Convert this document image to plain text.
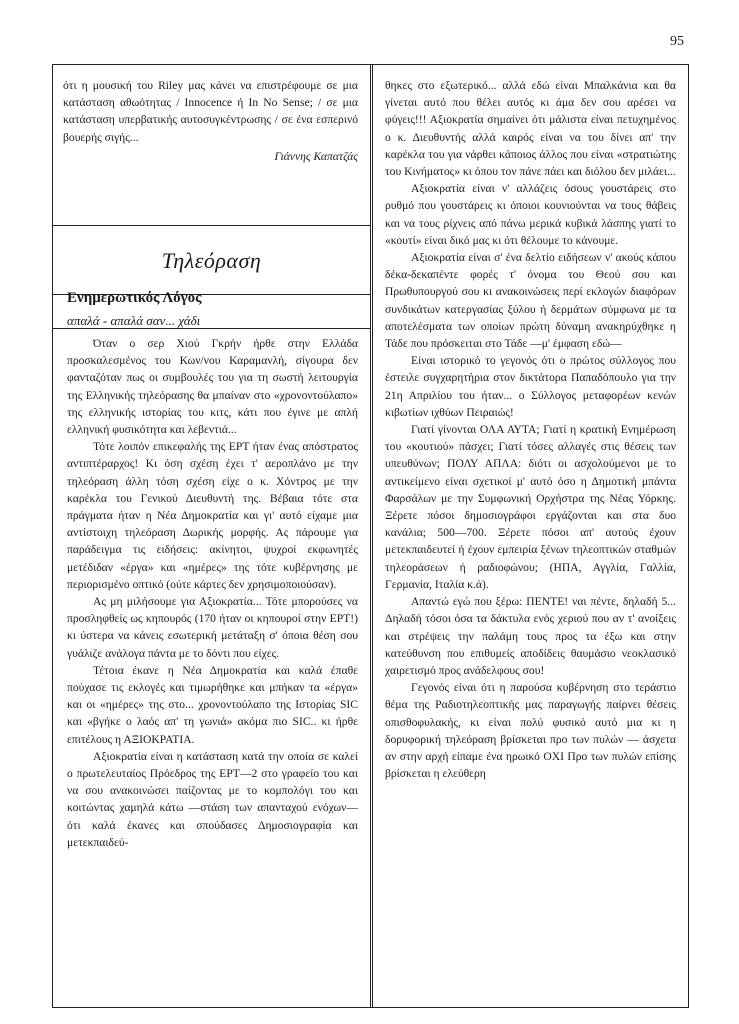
95

ότι η μουσική του Riley μας κάνει να επιστρέφουμε σε μια κατάσταση αθωότητας / Innocence ή In No Sense; / σε μια κατάσταση υπερβατικής αυτοσυγκέντρωσης / σε ένα εσπερινό βουερής σιγής...

Γιάννης Καπατζάς
Τηλεόραση
Ενημερωτικός Λόγος
απαλά - απαλά σαν... χάδι

Όταν ο σερ Χιού Γκρήν ήρθε στην Ελλάδα προσκαλεσμένος του Κων/νου Καραμανλή, σίγουρα δεν φανταζόταν πως οι συμβουλές του για τη σωστή λειτουργία της Ελληνικής τηλεόρασης θα μπαίναν στο «χρονοντούλαπο» της ελληνικής ιστορίας του κιτς, κάτι που έγινε με απλή ελληνική φυσικότητα και λεβεντιά...

Τότε λοιπόν επικεφαλής της ΕΡΤ ήταν ένας απόστρατος αντιπτέραρχος! Κι όση σχέση έχει τ' αεροπλάνο με την τηλεόραση άλλη τόση σχέση είχε ο κ. Χόντρος με την καρέκλα του Γενικού Διευθυντή της. Βέβαια τότε στα πράγματα ήταν η Νέα Δημοκρατία και γι' αυτό είχαμε μια αντίστοιχη τηλεόραση Δωρικής μορφής. Ας πάρουμε για παράδειγμα τις ειδήσεις: ακίνητοι, ψυχροί εκφωνητές μετέδιδαν «έργα» και «ημέρες» της τότε κυβέρνησης με περιορισμένο οπτικό (ούτε κάρτες δεν χρησιμοποιούσαν).

Ας μη μιλήσουμε για Αξιοκρατία... Τότε μπορούσες να προσληφθείς ως κηπουρός (170 ήταν οι κηπουροί στην ΕΡΤ!) κι ύστερα να κάνεις εσωτερική μετάταξη σ' όποια θέση σου γυάλιζε ανάλογα πάντα με το δόντι που είχες.

Τέτοια έκανε η Νέα Δημοκρατία και καλά έπαθε πούχασε τις εκλογές και τιμωρήθηκε και μπήκαν τα «έργα» και οι «ημέρες» της στο... χρονοντούλαπο της Ιστορίας SIC και «βγήκε ο λαός απ' τη γωνιά» ακόμα πιο SIC.. κι ήρθε επιτέλους η ΑΞΙΟΚΡΑΤΙΑ.

Αξιοκρατία είναι η κατάσταση κατά την οποία σε καλεί ο πρωτελευταίος Πρόεδρος της ΕΡΤ—2 στο γραφείο του και να σου ανακοινώσει παίζοντας με το κομπολόγι του και κοιτώντας χαμηλά κάτω —στάση των απανταχού ενόχων— ότι καλά έκανες και σπούδασες Δημοσιογραφία και μετεκπαιδεύ-

θηκες στο εξωτερικό... αλλά εδώ είναι Μπαλκάνια και θα γίνεται αυτό που θέλει αυτός κι άμα δεν σου αρέσει να φύγεις!!! Αξιοκρατία σημαίνει ότι μάλιστα είναι πετυχημένος ο κ. Διευθυντής αλλά καιρός είναι να του δίνει απ' την καρέκλα του για νάρθει κάποιος άλλος που είναι «στρατιώτης του Κινήματος» κι όπου τον πάνε πάει και διόλου δεν μιλάει...

Αξιοκρατία είναι ν' αλλάζεις όσους γουστάρεις στο ρυθμό που γουστάρεις κι όποιοι κουνιούνται να τους θάβεις και να τους ρίχνεις από πάνω μερικά κυβικά λάσπης γιατί το «κουτί» είναι δικό μας κι ότι θέλουμε το κάνουμε.

Αξιοκρατία είναι σ' ένα δελτίο ειδήσεων ν' ακούς κάπου δέκα-δεκαπέντε φορές τ' όνομα του Θεού σου και Πρωθυπουργού σου κι ανακοινώσεις περί εκλογών διαφόρων συνδικάτων κατεργασίας ξύλου ή δερμάτων σύμφωνα με τα αποτελέσματα των οποίων πρώτη δύναμη ανακηρύχθηκε η Τάδε που πρόσκειται στο Τάδε —μ' έμφαση εδώ—

Είναι ιστορικό το γεγονός ότι ο πρώτος σύλλογος που έστειλε συγχαρητήρια στον δικτάτορα Παπαδόπουλο για την 21η Απριλίου του ήταν... ο Σύλλογος μεταφορέων κενών κιβωτίων ιχθύων Πειραιώς!

Γιατί γίνονται ΟΛΑ ΑΥΤΑ; Γιατί η κρατική Ενημέρωση του «κουτιού» πάσχει; Γιατί τόσες αλλαγές στις θέσεις των υπευθύνων; ΠΟΛΥ ΑΠΛΑ: διότι οι ασχολούμενοι με το αντικείμενο είναι σχετικοί μ' αυτό όσο η Δημοτική μπάντα Φαρσάλων με την Συμφωνική Ορχήστρα της Νέας Υόρκης. Ξέρετε πόσοι δημοσιογράφοι εργάζονται και στα δυο κανάλια; 500—700. Ξέρετε πόσοι απ' αυτούς έχουν μετεκπαιδευτεί ή έχουν εμπειρία ξένων τηλεοπτικών σταθμών τηλεοράσεων ή ραδιοφώνου; (ΗΠΑ, Αγγλία, Γαλλία, Γερμανία, Ιταλία κ.ά).

Απαντώ εγώ που ξέρω: ΠΕΝΤΕ! ναι πέντε, δηλαδή 5... Δηλαδή τόσοι όσα τα δάκτυλα ενός χεριού που αν τ' ανοίξεις και στρέψεις την παλάμη τους προς τα έξω και στην κατεύθυνση που επιθυμείς αποδίδεις θαυμάσιο νεοκλασικό χαιρετισμό προς ανάδελφους σου!

Γεγονός είναι ότι η παρούσα κυβέρνηση στο τεράστιο θέμα της Ραδιοτηλεοπτικής μας παραγωγής παίρνει θέσεις οπισθοφυλακής, κι είναι πολύ φυσικό αυτό μια κι η δορυφορική τηλεόραση βρίσκεται προ των πυλών — άσχετα αν στην αρχή είπαμε ένα ηρωικό ΟΧΙ Προ των πυλών επίσης βρίσκεται η ελεύθερη
